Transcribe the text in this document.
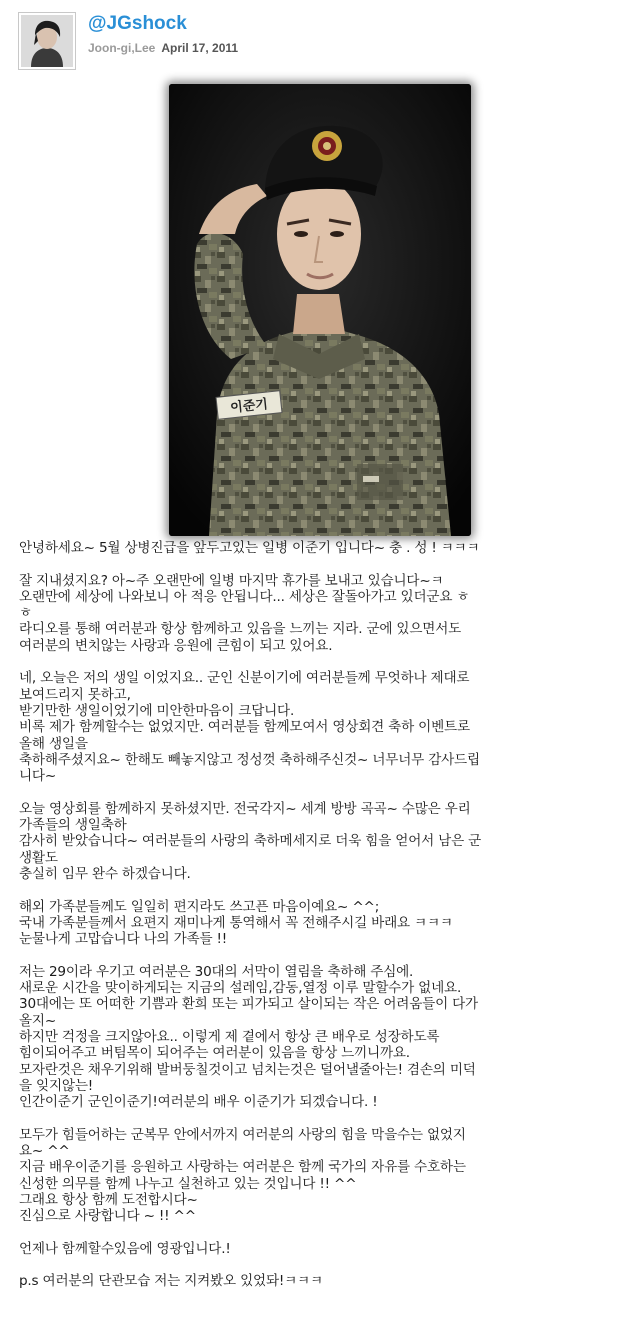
@JGshock
Joon-gi,Lee April 17, 2011
이준기
안녕하세요~ 5월 상병진급을 앞두고있는 일병 이준기 입니다~ 충 . 성 ! ㅋㅋㅋ
잘 지내셨지요? 아~주 오랜만에 일병 마지막 휴가를 보내고 있습니다~ㅋ
오랜만에 세상에 나와보니 아 적응 안됩니다... 세상은 잘돌아가고 있더군요 ㅎ
ㅎ
라디오를 통해 여러분과 항상 함께하고 있음을 느끼는 지라. 군에 있으면서도
여러분의 변치않는 사랑과 응원에 큰힘이 되고 있어요.
네, 오늘은 저의 생일 이었지요.. 군인 신분이기에 여러분들께 무엇하나 제대로
보여드리지 못하고,
받기만한 생일이었기에 미안한마음이 크답니다.
비록 제가 함께할수는 없었지만. 여러분들 함께모여서 영상회견 축하 이벤트로
올해 생일을
축하해주셨지요~ 한해도 빼놓지않고 정성껏 축하해주신것~ 너무너무 감사드립
니다~
오늘 영상회를 함께하지 못하셨지만. 전국각지~ 세계 방방 곡곡~ 수많은 우리
가족들의 생일축하
감사히 받았습니다~ 여러분들의 사랑의 축하메세지로 더욱 힘을 얻어서 남은 군
생활도
충실히 임무 완수 하겠습니다.
해외 가족분들께도 일일히 편지라도 쓰고픈 마음이예요~ ^^;
국내 가족분들께서 요편지 재미나게 통역해서 꼭 전해주시길 바래요 ㅋㅋㅋ
눈물나게 고맙습니다 나의 가족들 !!
저는 29이라 우기고 여러분은 30대의 서막이 열림을 축하해 주심에.
새로운 시간을 맞이하게되는 지금의 설레임,감동,열정 이루 말할수가 없네요.
30대에는 또 어떠한 기쁨과 환희 또는 피가되고 살이되는 작은 어려움들이 다가
올지~
하지만 걱정을 크지않아요.. 이렇게 제 곁에서 항상 큰 배우로 성장하도록
힘이되어주고 버팀목이 되어주는 여러분이 있음을 항상 느끼니까요.
모자란것은 채우기위해 발버둥칠것이고 넘치는것은 덜어낼줄아는! 겸손의 미덕
을 잊지않는!
인간이준기 군인이준기!여러분의 배우 이준기가 되겠습니다. !
모두가 힘들어하는 군복무 안에서까지 여러분의 사랑의 힘을 막을수는 없었지
요~ ^^
지금 배우이준기를 응원하고 사랑하는 여러분은 함께 국가의 자유를 수호하는
신성한 의무를 함께 나누고 실천하고 있는 것입니다 !! ^^
그래요 항상 함께 도전합시다~
진심으로 사랑합니다 ~ !! ^^
언제나 함께할수있음에 영광입니다.!
p.s 여러분의 단관모습 저는 지켜봤오 있었돠!ㅋㅋㅋ
